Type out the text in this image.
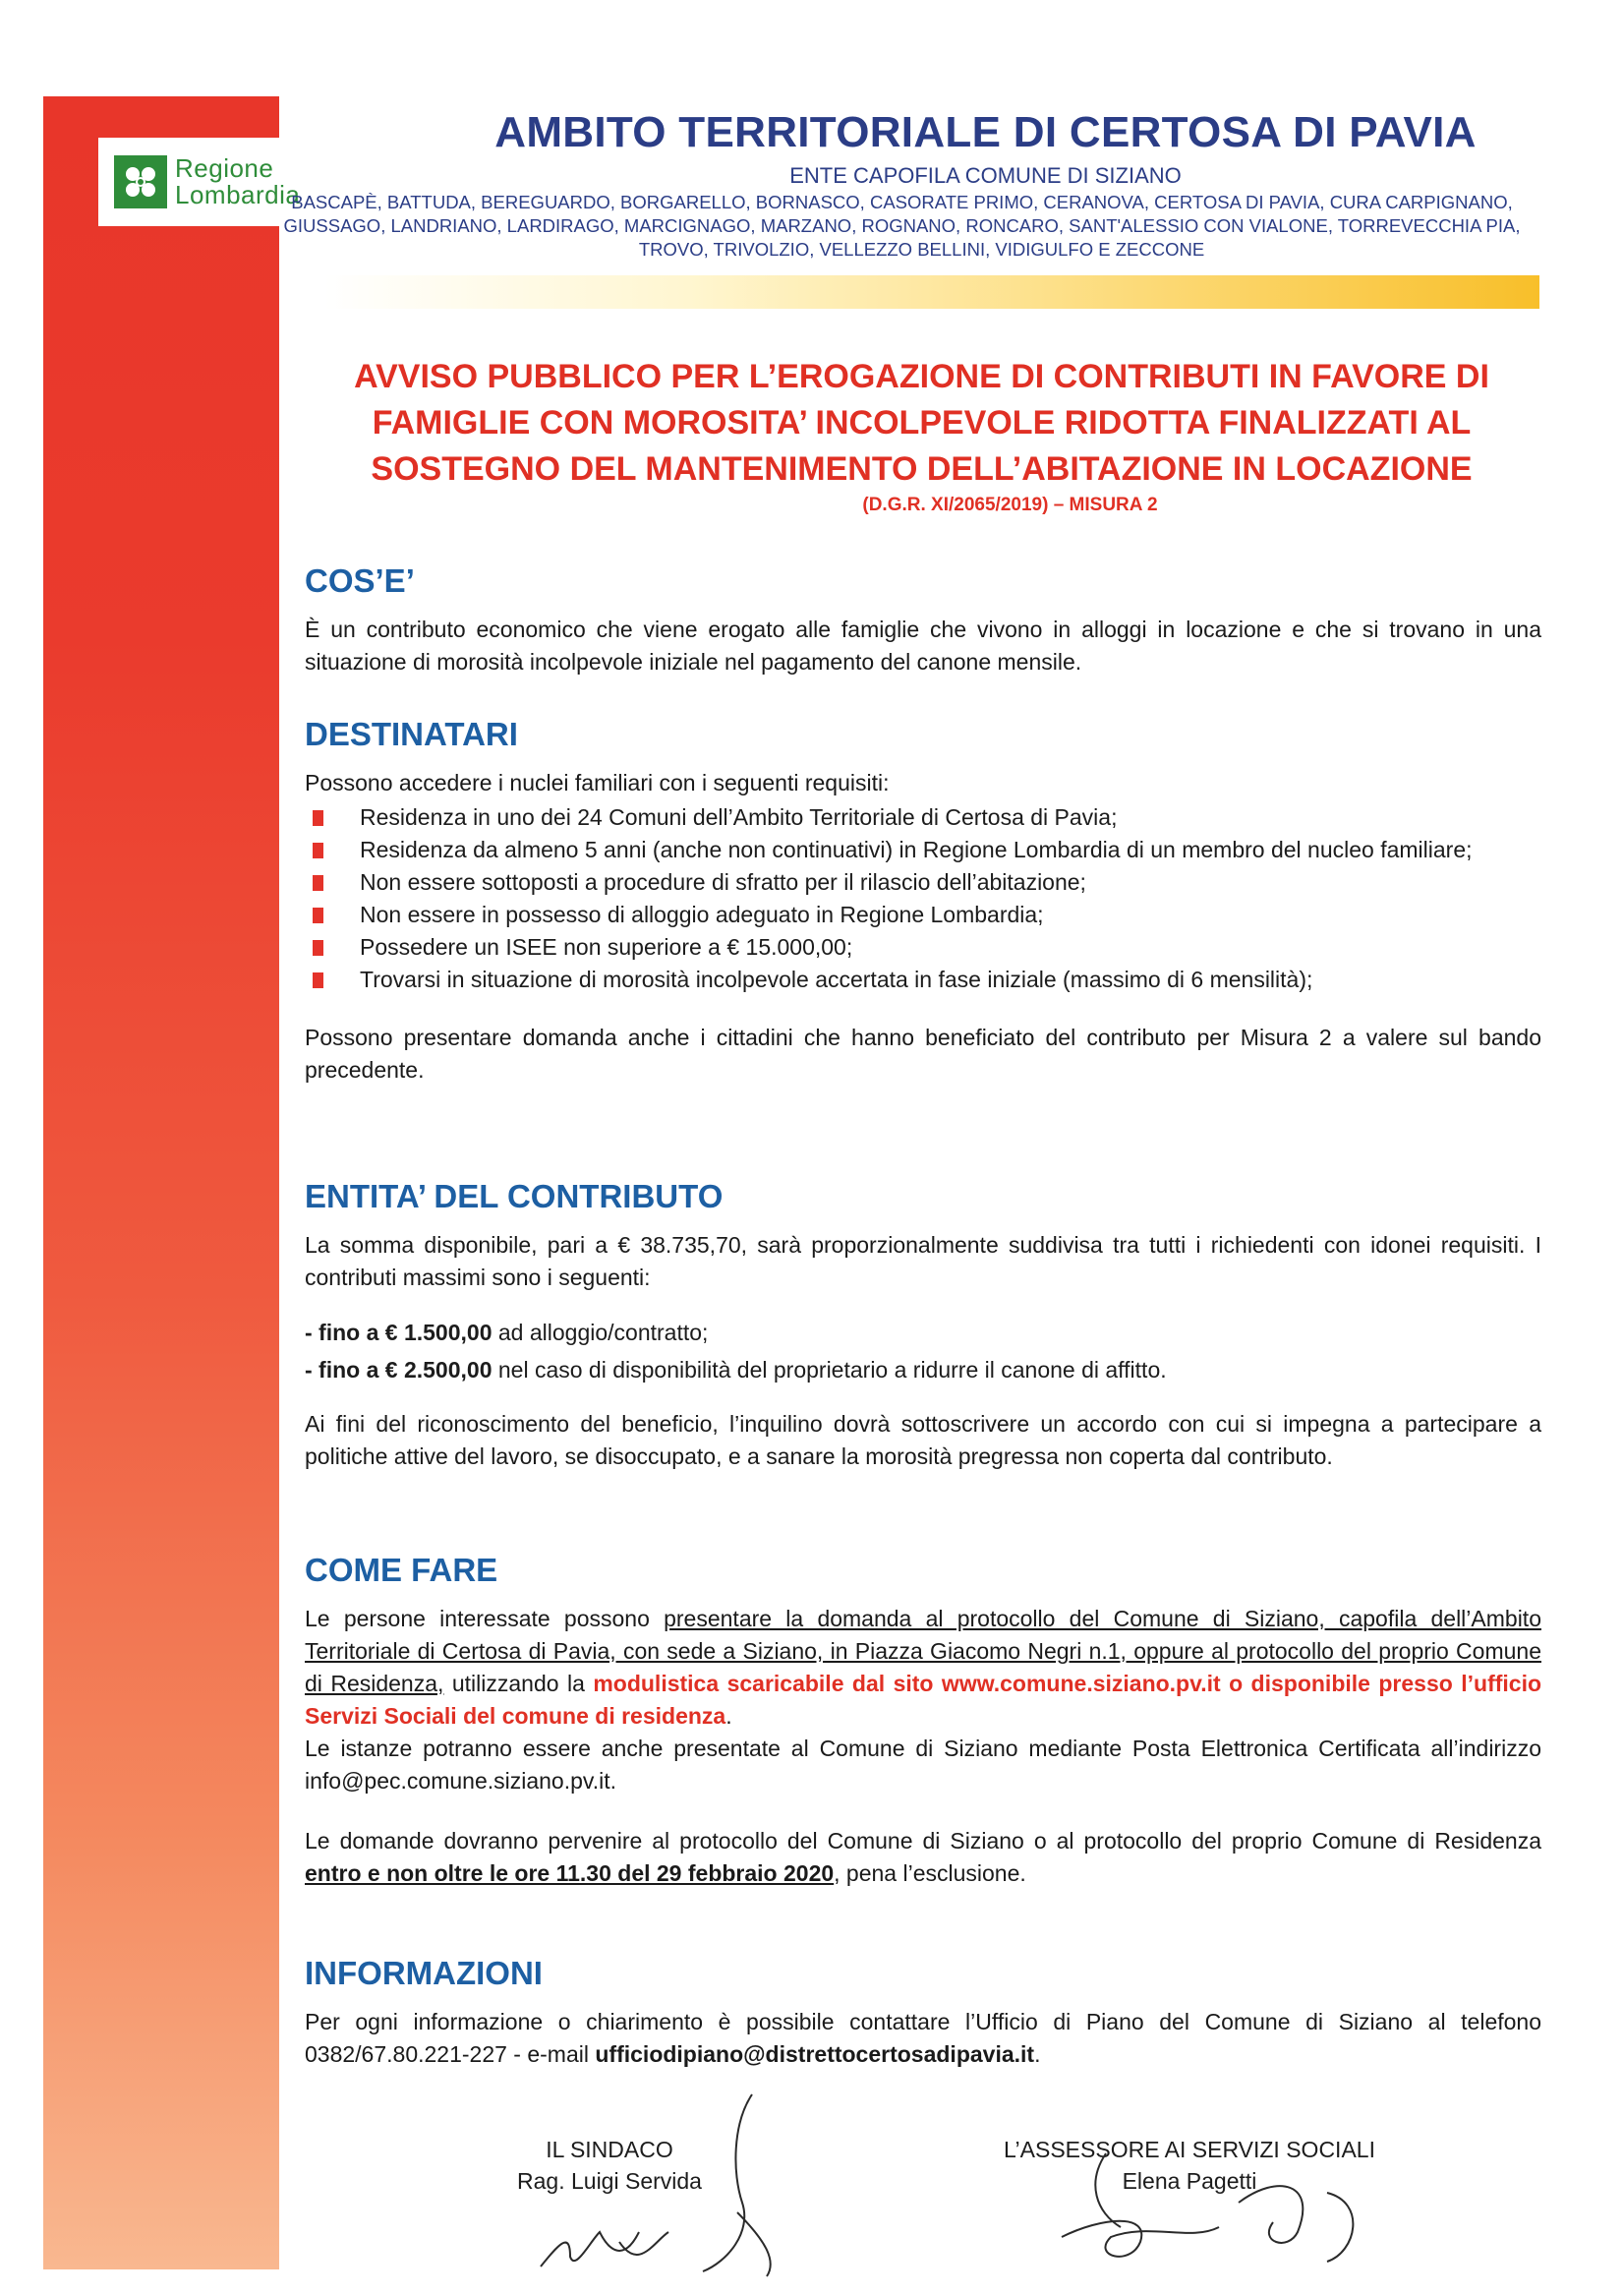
Regione
Lombardia
AMBITO TERRITORIALE DI CERTOSA DI PAVIA
ENTE CAPOFILA COMUNE DI SIZIANO
BASCAPÈ, BATTUDA, BEREGUARDO, BORGARELLO, BORNASCO, CASORATE PRIMO, CERANOVA, CERTOSA DI PAVIA, CURA CARPIGNANO,
GIUSSAGO, LANDRIANO, LARDIRAGO, MARCIGNAGO, MARZANO, ROGNANO, RONCARO, SANT'ALESSIO CON VIALONE, TORREVECCHIA PIA,
TROVO, TRIVOLZIO, VELLEZZO BELLINI, VIDIGULFO E ZECCONE
AVVISO PUBBLICO PER L’EROGAZIONE DI CONTRIBUTI IN FAVORE DI
FAMIGLIE CON MOROSITA’ INCOLPEVOLE RIDOTTA FINALIZZATI AL
SOSTEGNO DEL MANTENIMENTO DELL’ABITAZIONE IN LOCAZIONE
(D.G.R. XI/2065/2019) – MISURA 2
COS’E’
È un contributo economico che viene erogato alle famiglie che vivono in alloggi in locazione e che si trovano in una situazione di morosità incolpevole iniziale nel pagamento del canone mensile.
DESTINATARI
Possono accedere i nuclei familiari con i seguenti requisiti:
Residenza in uno dei 24 Comuni dell’Ambito Territoriale di Certosa di Pavia;
Residenza da almeno 5 anni (anche non continuativi) in Regione Lombardia di un membro del nucleo familiare;
Non essere sottoposti a procedure di sfratto per il rilascio dell’abitazione;
Non essere in possesso di alloggio adeguato in Regione Lombardia;
Possedere un ISEE non superiore a € 15.000,00;
Trovarsi in situazione di morosità incolpevole accertata in fase iniziale (massimo di 6 mensilità);
Possono presentare domanda anche i cittadini che hanno beneficiato del contributo per Misura 2 a valere sul bando precedente.
ENTITA’ DEL CONTRIBUTO
La somma disponibile, pari a € 38.735,70, sarà proporzionalmente suddivisa tra tutti i richiedenti con idonei requisiti. I contributi massimi sono i seguenti:
- fino a € 1.500,00 ad alloggio/contratto;
- fino a € 2.500,00 nel caso di disponibilità del proprietario a ridurre il canone di affitto.
Ai fini del riconoscimento del beneficio, l’inquilino dovrà sottoscrivere un accordo con cui si impegna a partecipare a politiche attive del lavoro, se disoccupato, e a sanare la morosità pregressa non coperta dal contributo.
COME FARE
Le persone interessate possono presentare la domanda al protocollo del Comune di Siziano, capofila dell’Ambito Territoriale di Certosa di Pavia, con sede a Siziano, in Piazza Giacomo Negri n.1, oppure al protocollo del proprio Comune di Residenza, utilizzando la modulistica scaricabile dal sito www.comune.siziano.pv.it o disponibile presso l’ufficio Servizi Sociali del comune di residenza.
Le istanze potranno essere anche presentate al Comune di Siziano mediante Posta Elettronica Certificata all’indirizzo info@pec.comune.siziano.pv.it.
Le domande dovranno pervenire al protocollo del Comune di Siziano o al protocollo del proprio Comune di Residenza entro e non oltre le ore 11.30 del 29 febbraio 2020, pena l’esclusione.
INFORMAZIONI
Per ogni informazione o chiarimento è possibile contattare l’Ufficio di Piano del Comune di Siziano al telefono 0382/67.80.221-227 - e-mail ufficiodipiano@distrettocertosadipavia.it.
IL SINDACO
Rag. Luigi Servida
L’ASSESSORE AI SERVIZI SOCIALI
Elena Pagetti
